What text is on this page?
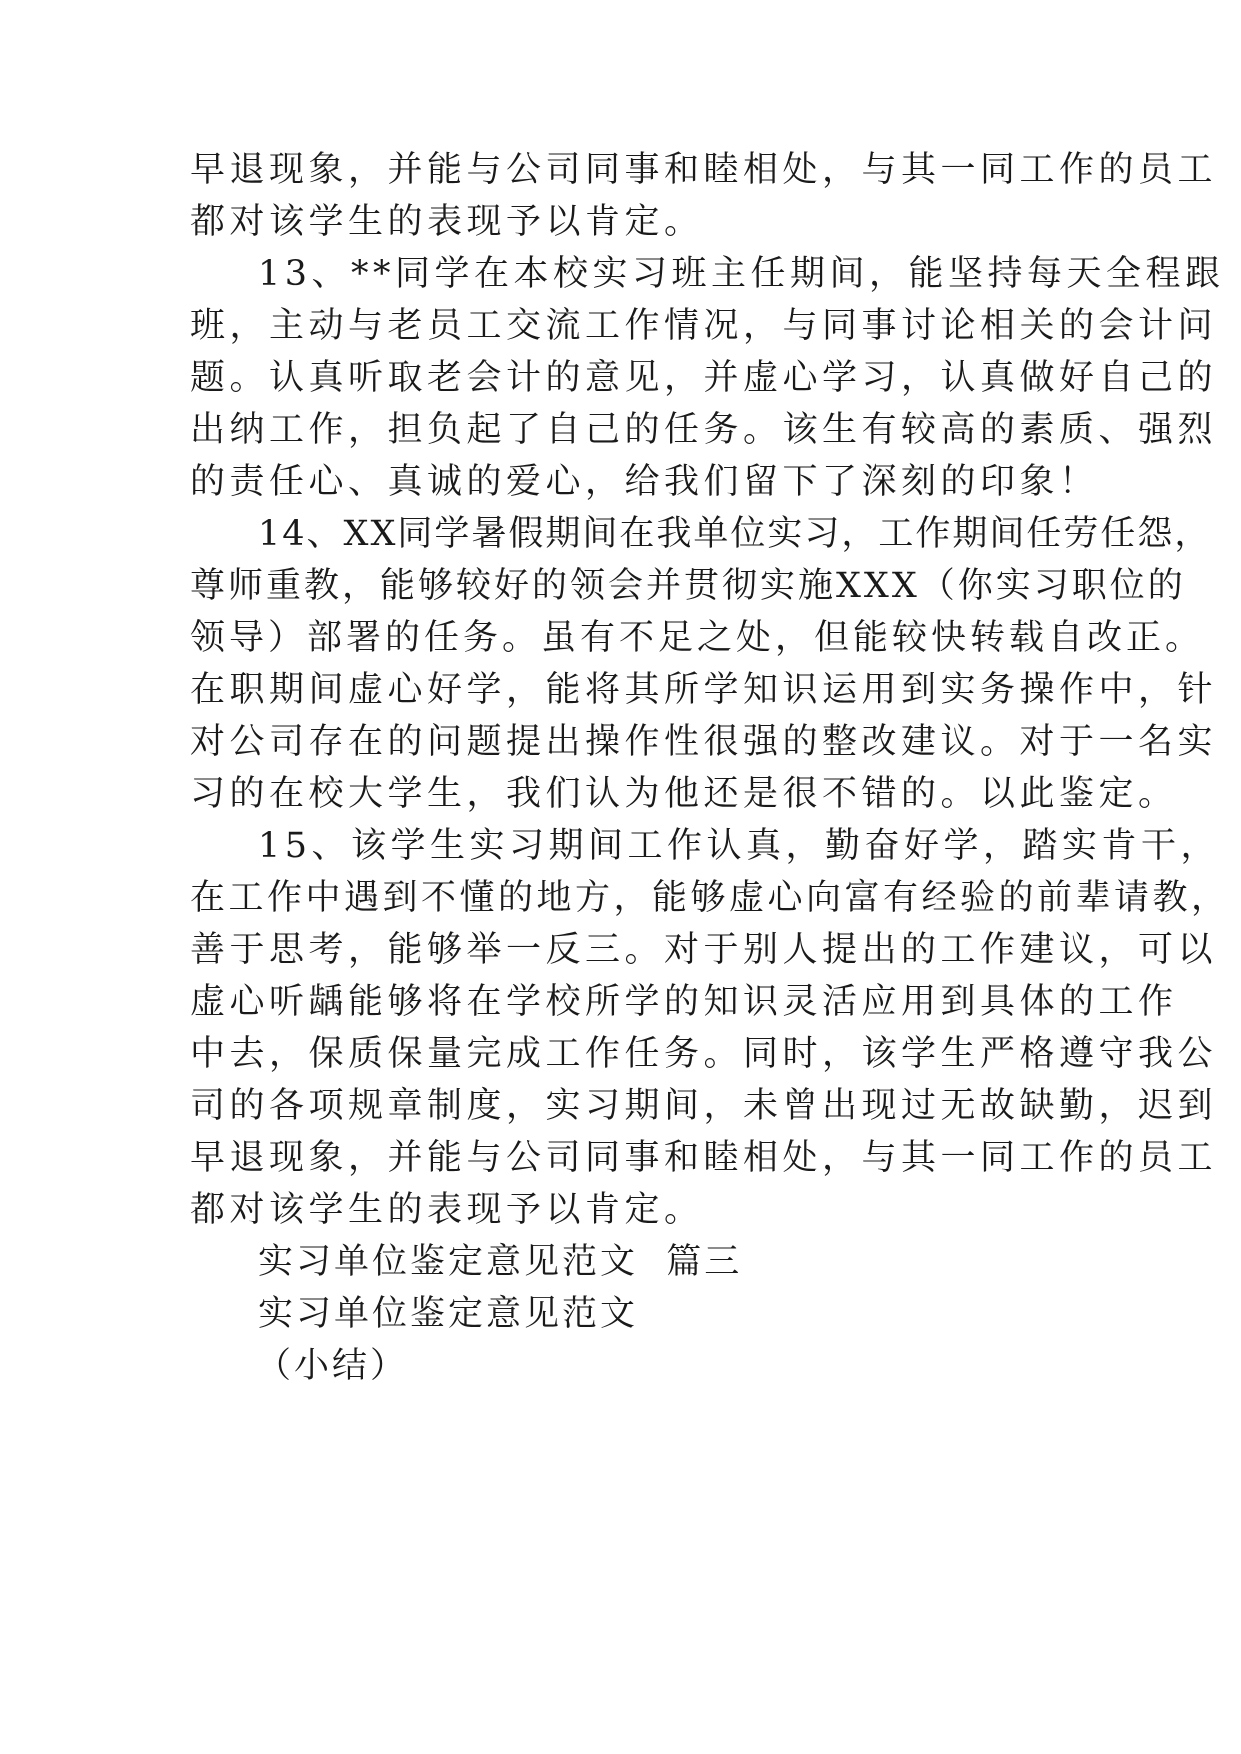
早退现象，并能与公司同事和睦相处，与其一同工作的员工
都对该学生的表现予以肯定。
13、**同学在本校实习班主任期间，能坚持每天全程跟
班，主动与老员工交流工作情况，与同事讨论相关的会计问
题。认真听取老会计的意见，并虚心学习，认真做好自己的
出纳工作，担负起了自己的任务。该生有较高的素质、强烈
的责任心、真诚的爱心，给我们留下了深刻的印象！
14、XX同学暑假期间在我单位实习，工作期间任劳任怨，
尊师重教，能够较好的领会并贯彻实施XXX（你实习职位的
领导）部署的任务。虽有不足之处，但能较快转载自改正。
在职期间虚心好学，能将其所学知识运用到实务操作中，针
对公司存在的问题提出操作性很强的整改建议。对于一名实
习的在校大学生，我们认为他还是很不错的。以此鉴定。
15、该学生实习期间工作认真，勤奋好学，踏实肯干，
在工作中遇到不懂的地方，能够虚心向富有经验的前辈请教，
善于思考，能够举一反三。对于别人提出的工作建议，可以
虚心听龋能够将在学校所学的知识灵活应用到具体的工作
中去，保质保量完成工作任务。同时，该学生严格遵守我公
司的各项规章制度，实习期间，未曾出现过无故缺勤，迟到
早退现象，并能与公司同事和睦相处，与其一同工作的员工
都对该学生的表现予以肯定。
实习单位鉴定意见范文  篇三
实习单位鉴定意见范文
（小结）
